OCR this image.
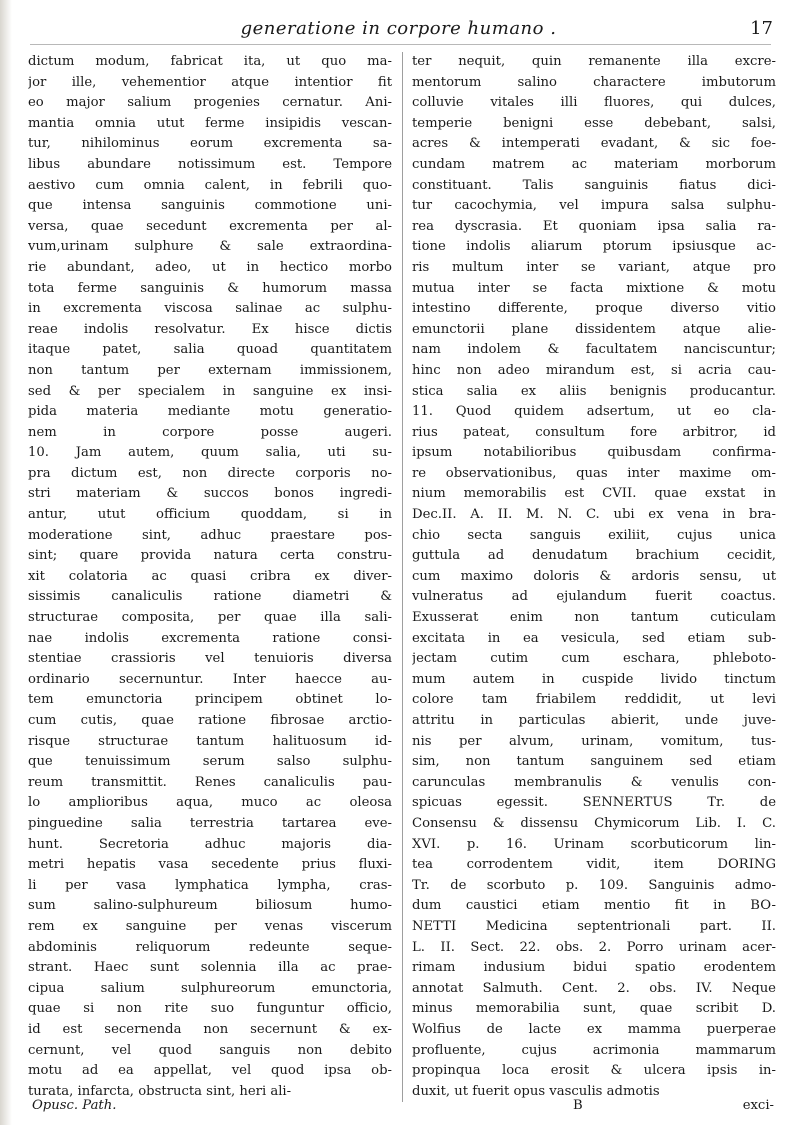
generatione in corpore humano .	17
dictum modum, fabricat ita, ut quo ma-
jor ille, vehementior atque intentior fit
eo major salium progenies cernatur. Ani-
mantia omnia utut ferme insipidis vescan-
tur, nihilominus eorum excrementa sa-
libus abundare notissimum est. Tempore
aestivo cum omnia calent, in febrili quo-
que intensa sanguinis commotione uni-
versa, quae secedunt excrementa per al-
vum,urinam sulphure & sale extraordina-
rie abundant, adeo, ut in hectico morbo
tota ferme sanguinis & humorum massa
in excrementa viscosa salinae ac sulphu-
reae indolis resolvatur. Ex hisce dictis
itaque patet, salia quoad quantitatem
non tantum per externam immissionem,
sed & per specialem in sanguine ex insi-
pida materia mediante motu generatio-
nem in corpore posse augeri.
10. Jam autem, quum salia, uti su-
pra dictum est, non directe corporis no-
stri materiam & succos bonos ingredi-
antur, utut officium quoddam, si in
moderatione sint, adhuc praestare pos-
sint; quare provida natura certa constru-
xit colatoria ac quasi cribra ex diver-
sissimis canaliculis ratione diametri &
structurae composita, per quae illa sali-
nae indolis excrementa ratione consi-
stentiae crassioris vel tenuioris diversa
ordinario secernuntur. Inter haecce au-
tem emunctoria principem obtinet lo-
cum cutis, quae ratione fibrosae arctio-
risque structurae tantum halituosum id-
que tenuissimum serum salso sulphu-
reum transmittit. Renes canaliculis pau-
lo amplioribus aqua, muco ac oleosa
pinguedine salia terrestria tartarea eve-
hunt. Secretoria adhuc majoris dia-
metri hepatis vasa secedente prius fluxi-
li per vasa lymphatica lympha, cras-
sum salino-sulphureum biliosum humo-
rem ex sanguine per venas viscerum
abdominis reliquorum redeunte seque-
strant. Haec sunt solennia illa ac prae-
cipua salium sulphureorum emunctoria,
quae si non rite suo funguntur officio,
id est secernenda non secernunt & ex-
cernunt, vel quod sanguis non debito
motu ad ea appellat, vel quod ipsa ob-
turata, infarcta, obstructa sint, heri ali-
ter nequit, quin remanente illa excre-
mentorum salino charactere imbutorum
colluvie vitales illi fluores, qui dulces,
temperie benigni esse debebant, salsi,
acres & intemperati evadant, & sic foe-
cundam matrem ac materiam morborum
constituant. Talis sanguinis fiatus dici-
tur cacochymia, vel impura salsa sulphu-
rea dyscrasia. Et quoniam ipsa salia ra-
tione indolis aliarum ptorum ipsiusque ac-
ris multum inter se variant, atque pro
mutua inter se facta mixtione & motu
intestino differente, proque diverso vitio
emunctorii plane dissidentem atque alie-
nam indolem & facultatem nanciscuntur;
hinc non adeo mirandum est, si acria cau-
stica salia ex aliis benignis producantur.
11. Quod quidem adsertum, ut eo cla-
rius pateat, consultum fore arbitror, id
ipsum notabilioribus quibusdam confirma-
re observationibus, quas inter maxime om-
nium memorabilis est CVII. quae exstat in
Dec.II. A. II. M. N. C. ubi ex vena in bra-
chio secta sanguis exiliit, cujus unica
guttula ad denudatum brachium cecidit,
cum maximo doloris & ardoris sensu, ut
vulneratus ad ejulandum fuerit coactus.
Exusserat enim non tantum cuticulam
excitata in ea vesicula, sed etiam sub-
jectam cutim cum eschara, phleboto-
mum autem in cuspide livido tinctum
colore tam friabilem reddidit, ut levi
attritu in particulas abierit, unde juve-
nis per alvum, urinam, vomitum, tus-
sim, non tantum sanguinem sed etiam
carunculas membranulis & venulis con-
spicuas egessit. SENNERTUS Tr. de
Consensu & dissensu Chymicorum Lib. I. C.
XVI. p. 16. Urinam scorbuticorum lin-
tea corrodentem vidit, item DORING
Tr. de scorbuto p. 109. Sanguinis admo-
dum caustici etiam mentio fit in BO-
NETTI Medicina septentrionali part. II.
L. II. Sect. 22. obs. 2. Porro urinam acer-
rimam indusium bidui spatio erodentem
annotat Salmuth. Cent. 2. obs. IV. Neque
minus memorabilia sunt, quae scribit D.
Wolfius de lacte ex mamma puerperae
profluente, cujus acrimonia mammarum
propinqua loca erosit & ulcera ipsis in-
duxit, ut fuerit opus vasculis admotis
Opusc. Path.	B	exci-
